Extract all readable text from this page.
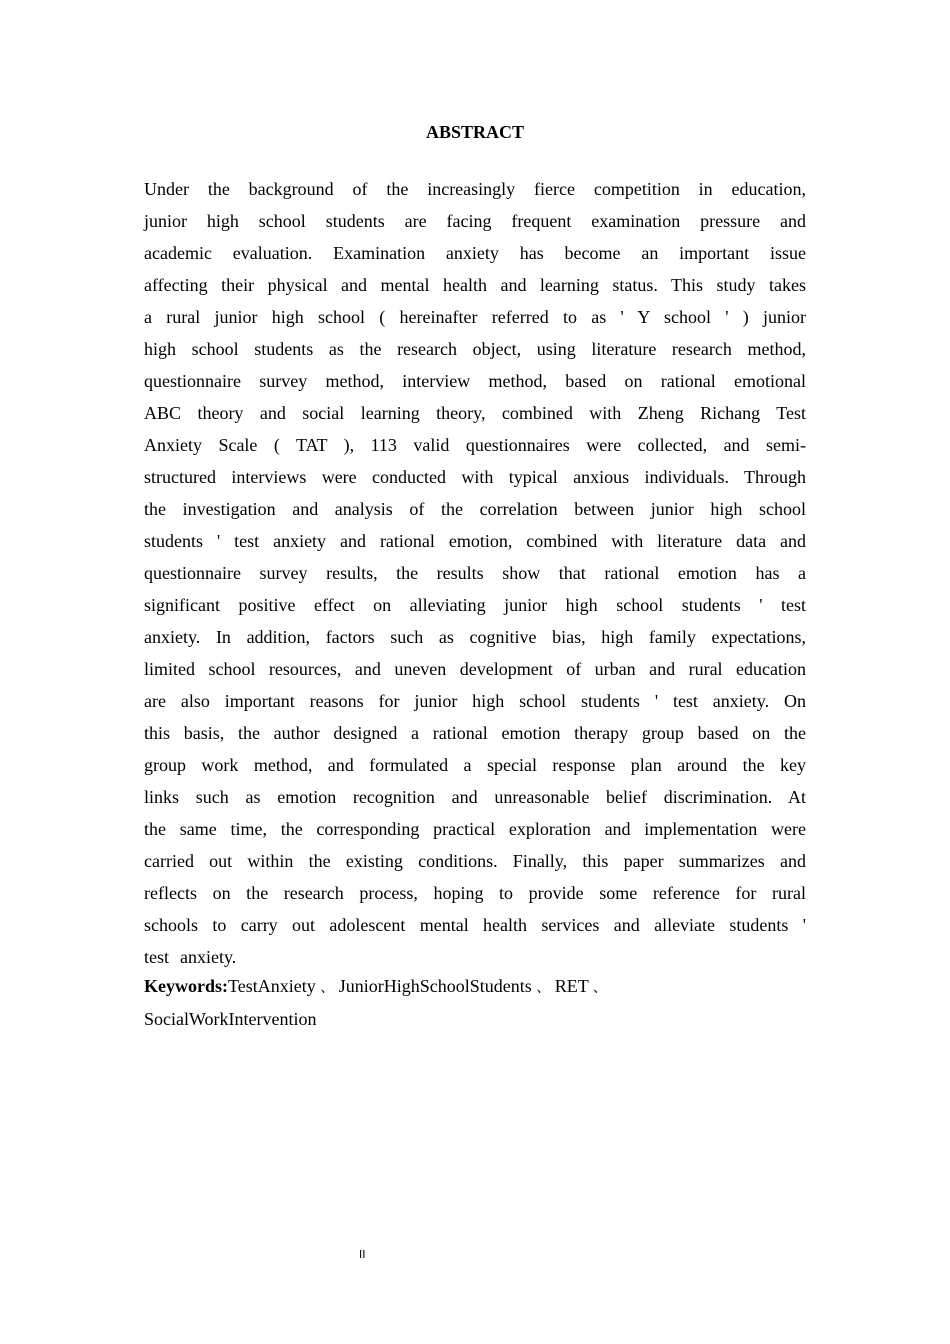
ABSTRACT
Under the background of the increasingly fierce competition in education,
junior high school students are facing frequent examination pressure and
academic evaluation. Examination anxiety has become an important issue
affecting their physical and mental health and learning status. This study takes
a rural junior high school ( hereinafter referred to as ' Y school ' ) junior
high school students as the research object, using literature research method,
questionnaire survey method, interview method, based on rational emotional
ABC theory and social learning theory, combined with Zheng Richang Test
Anxiety Scale ( TAT ), 113 valid questionnaires were collected, and semi-
structured interviews were conducted with typical anxious individuals. Through
the investigation and analysis of the correlation between junior high school
students ' test anxiety and rational emotion, combined with literature data and
questionnaire survey results, the results show that rational emotion has a
significant positive effect on alleviating junior high school students ' test
anxiety. In addition, factors such as cognitive bias, high family expectations,
limited school resources, and uneven development of urban and rural education
are also important reasons for junior high school students ' test anxiety. On
this basis, the author designed a rational emotion therapy group based on the
group work method, and formulated a special response plan around the key
links such as emotion recognition and unreasonable belief discrimination. At
the same time, the corresponding practical exploration and implementation were
carried out within the existing conditions. Finally, this paper summarizes and
reflects on the research process, hoping to provide some reference for rural
schools to carry out adolescent mental health services and alleviate students '
test  anxiety.
Keywords:TestAnxiety 、 JuniorHighSchoolStudents 、 RET 、
SocialWorkIntervention
II
